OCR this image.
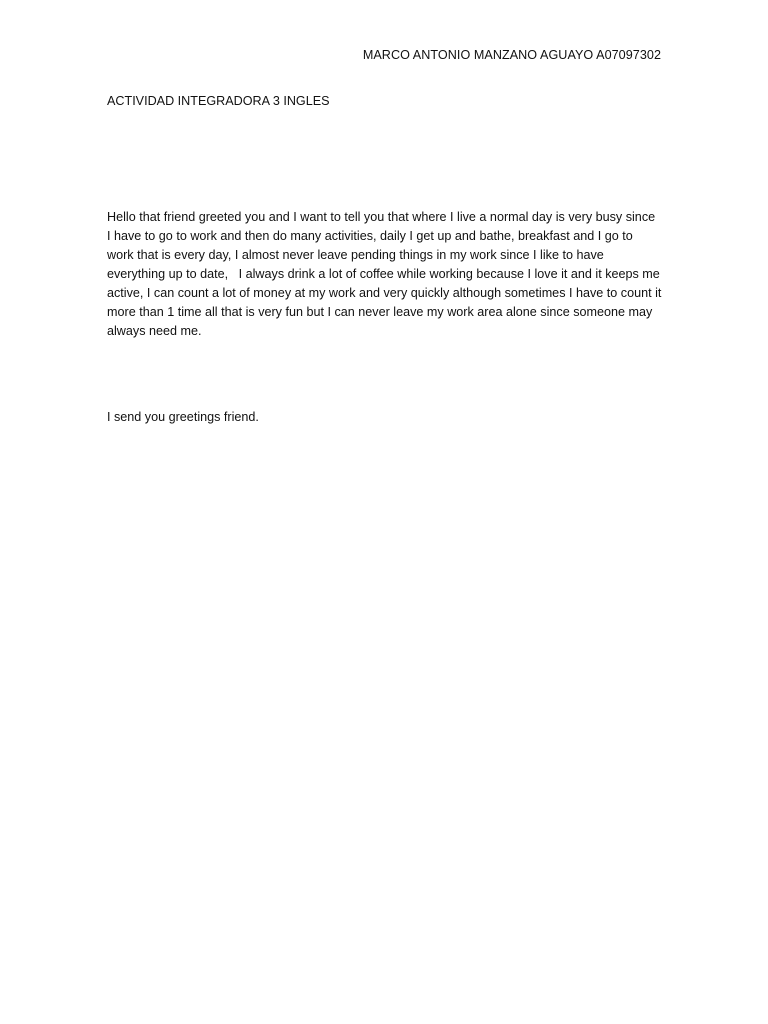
MARCO ANTONIO MANZANO AGUAYO A07097302
ACTIVIDAD INTEGRADORA 3 INGLES

Hello that friend greeted you and I want to tell you that where I live a normal day is very busy since I have to go to work and then do many activities, daily I get up and bathe, breakfast and I go to work that is every day, I almost never leave pending things in my work since I like to have everything up to date,   I always drink a lot of coffee while working because I love it and it keeps me active, I can count a lot of money at my work and very quickly although sometimes I have to count it more than 1 time all that is very fun but I can never leave my work area alone since someone may always need me.

I send you greetings friend.
